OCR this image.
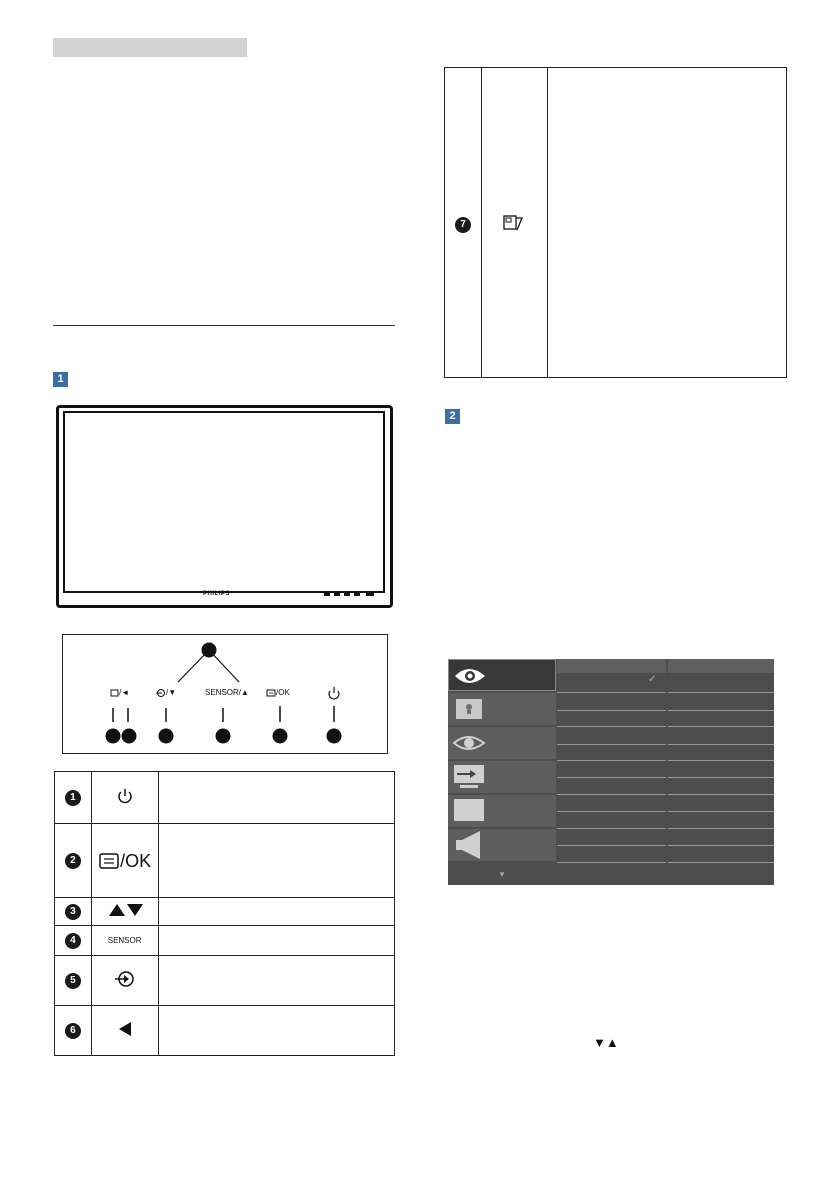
1
PHILIPS
/◄	/▼	SENSOR/▲	/OK
1		
2	/OK	
3		
4	SENSOR	
5		
6		
7
2
▾
✓
▼▲
